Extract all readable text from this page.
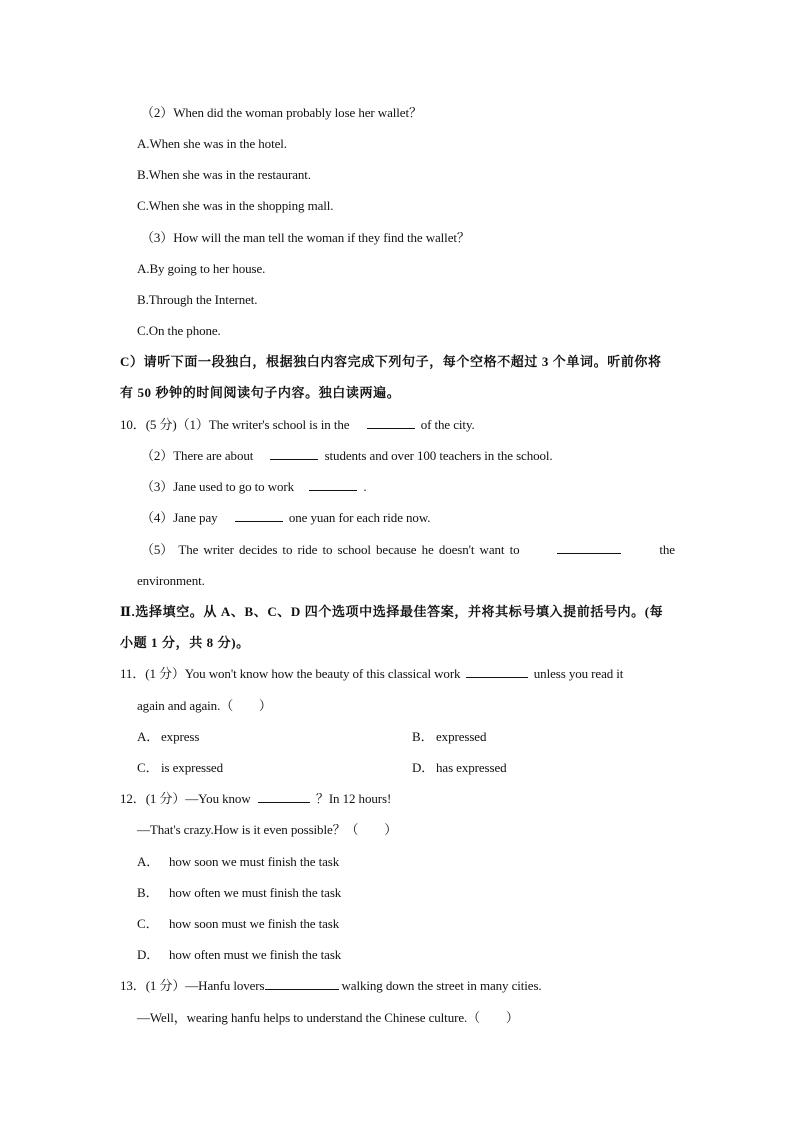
（2）When did the woman probably lose her wallet？
A.When she was in the hotel.
B.When she was in the restaurant.
C.When she was in the shopping mall.
（3）How will the man tell the woman if they find the wallet？
A.By going to her house.
B.Through the Internet.
C.On the phone.
C）请听下面一段独白，根据独白内容完成下列句子，每个空格不超过 3 个单词。听前你将
有 50 秒钟的时间阅读句子内容。独白读两遍。
10．(5 分)（1）The writer's school is in the	of the city.
（2）There are about	students and over 100 teachers in the school.
（3）Jane used to go to work	.
（4）Jane pay	one yuan for each ride now.
（5） The writer decides to ride to school because he doesn't want to	the
environment.
Ⅱ.选择填空。从 A、B、C、D 四个选项中选择最佳答案，并将其标号填入提前括号内。(每
小题 1 分，共 8 分)。
11．(1 分）You won't know how the beauty of this classical work	unless you read it
again and again.（　　）
A． express	B． expressed
C． is expressed	D． has expressed
12．(1 分）—You know	？In 12 hours!
—That's crazy.How is it even possible？（　　）
A． how soon we must finish the task
B． how often we must finish the task
C． how soon must we finish the task
D． how often must we finish the task
13．(1 分）—Hanfu lovers	walking down the street in many cities.
—Well，wearing hanfu helps to understand the Chinese culture.（　　）
